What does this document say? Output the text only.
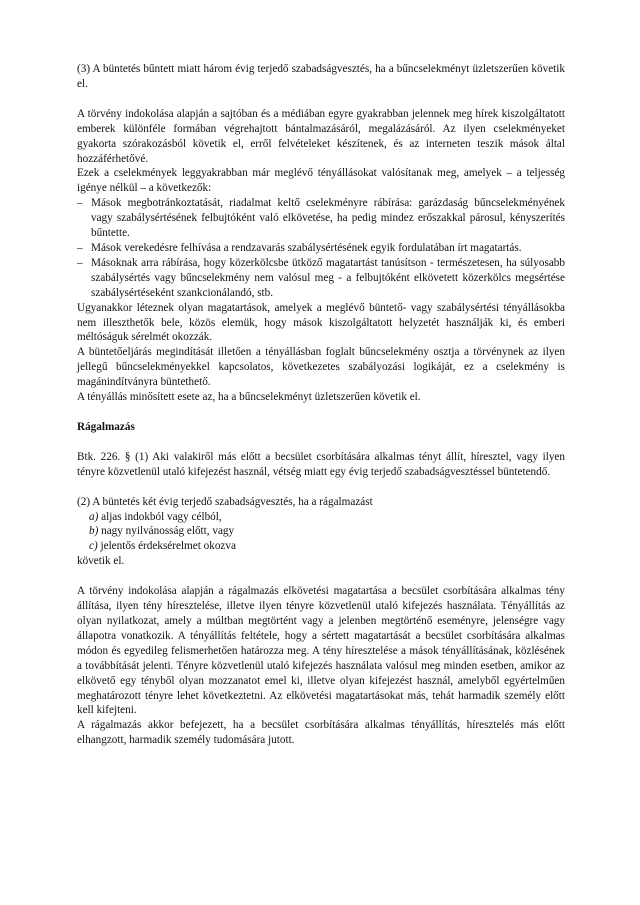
(3) A büntetés bűntett miatt három évig terjedő szabadságvesztés, ha a bűncselekményt üzletszerűen követik el.

A törvény indokolása alapján a sajtóban és a médiában egyre gyakrabban jelennek meg hírek kiszolgáltatott emberek különféle formában végrehajtott bántalmazásáról, megalázásáról. Az ilyen cselekményeket gyakorta szórakozásból követik el, erről felvételeket készítenek, és az interneten teszik mások által hozzáférhetővé.

Ezek a cselekmények leggyakrabban már meglévő tényállásokat valósítanak meg, amelyek – a teljesség igénye nélkül – a következők:

– Mások megbotránkoztatását, riadalmat keltő cselekményre rábírása: garázdaság bűncselekményének vagy szabálysértésének felbujtóként való elkövetése, ha pedig mindez erőszakkal párosul, kényszerítés bűntette.

– Mások verekedésre felhívása a rendzavarás szabálysértésének egyik fordulatában írt magatartás.

– Másoknak arra rábírása, hogy közerkölcsbe ütköző magatartást tanúsítson - természetesen, ha súlyosabb szabálysértés vagy bűncselekmény nem valósul meg - a felbujtóként elkövetett közerkölcs megsértése szabálysértéseként szankcionálandó, stb.

Ugyanakkor léteznek olyan magatartások, amelyek a meglévő büntető- vagy szabálysértési tényállásokba nem illeszthetők bele, közös elemük, hogy mások kiszolgáltatott helyzetét használják ki, és emberi méltóságuk sérelmét okozzák.

A büntetőeljárás megindítását illetően a tényállásban foglalt bűncselekmény osztja a törvénynek az ilyen jellegű bűncselekményekkel kapcsolatos, következetes szabályozási logikáját, ez a cselekmény is magánindítványra büntethető.

A tényállás minősített esete az, ha a bűncselekményt üzletszerűen követik el.

Rágalmazás

Btk. 226. § (1) Aki valakiről más előtt a becsület csorbítására alkalmas tényt állít, híresztel, vagy ilyen tényre közvetlenül utaló kifejezést használ, vétség miatt egy évig terjedő szabadságvesztéssel büntetendő.

(2) A büntetés két évig terjedő szabadságvesztés, ha a rágalmazást

a) aljas indokból vagy célból,

b) nagy nyilvánosság előtt, vagy

c) jelentős érdeksérelmet okozva

követik el.

A törvény indokolása alapján a rágalmazás elkövetési magatartása a becsület csorbítására alkalmas tény állítása, ilyen tény híresztelése, illetve ilyen tényre közvetlenül utaló kifejezés használata. Tényállítás az olyan nyilatkozat, amely a múltban megtörtént vagy a jelenben megtörténő eseményre, jelenségre vagy állapotra vonatkozik. A tényállítás feltétele, hogy a sértett magatartását a becsület csorbítására alkalmas módon és egyedileg felismerhetően határozza meg. A tény híresztelése a mások tényállításának, közlésének a továbbítását jelenti. Tényre közvetlenül utaló kifejezés használata valósul meg minden esetben, amikor az elkövető egy tényből olyan mozzanatot emel ki, illetve olyan kifejezést használ, amelyből egyértelműen meghatározott tényre lehet következtetni. Az elkövetési magatartásokat más, tehát harmadik személy előtt kell kifejteni.

A rágalmazás akkor befejezett, ha a becsület csorbítására alkalmas tényállítás, híresztelés más előtt elhangzott, harmadik személy tudomására jutott.
